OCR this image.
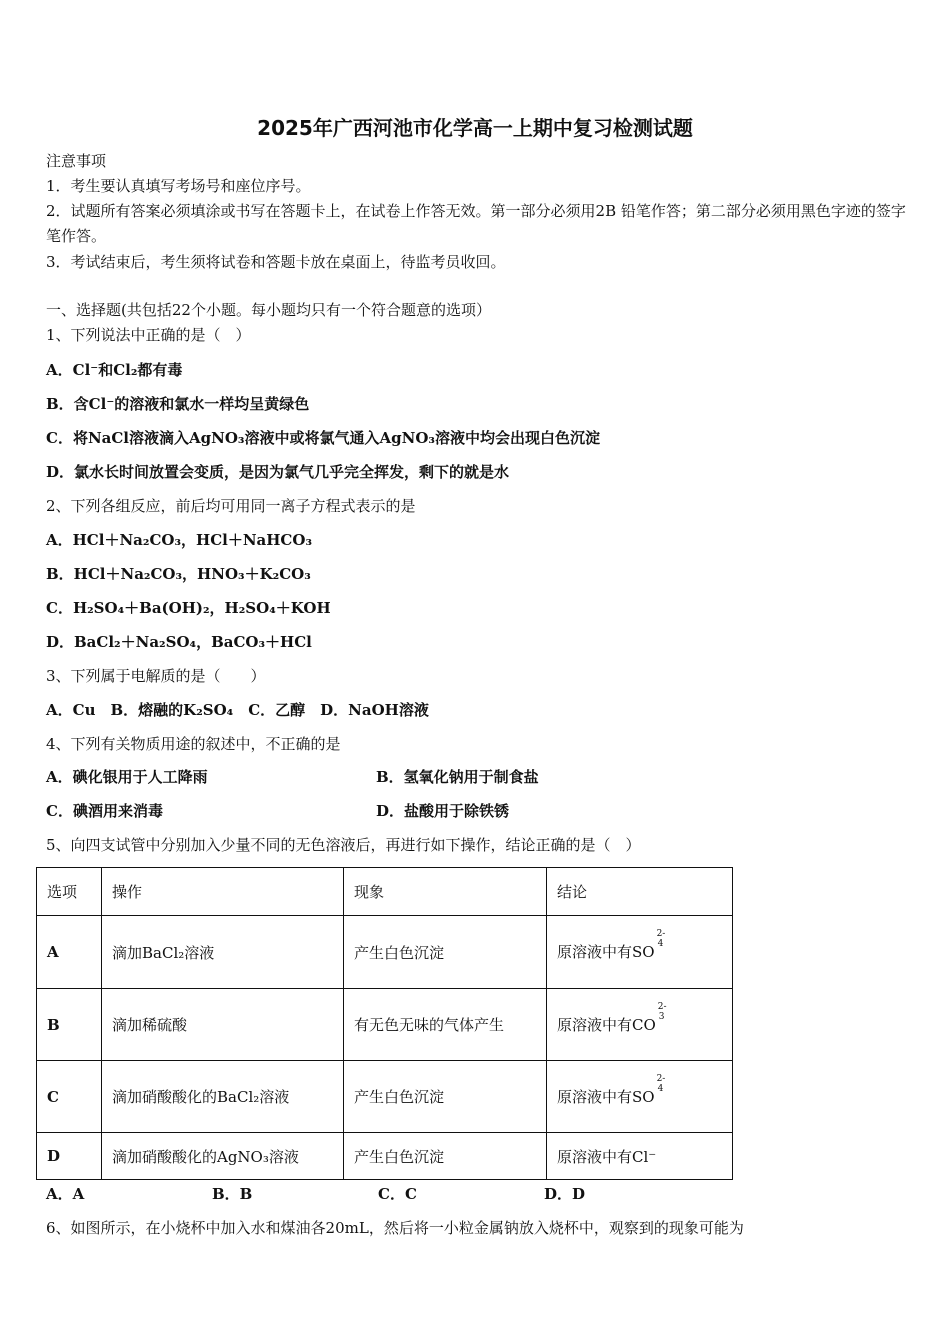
2025年广西河池市化学高一上期中复习检测试题
注意事项
1．考生要认真填写考场号和座位序号。
2．试题所有答案必须填涂或书写在答题卡上，在试卷上作答无效。第一部分必须用2B 铅笔作答；第二部分必须用黑色字迹的签字笔作答。
3．考试结束后，考生须将试卷和答题卡放在桌面上，待监考员收回。
一、选择题(共包括22个小题。每小题均只有一个符合题意的选项）
1、下列说法中正确的是（　）
A．Cl⁻和Cl₂都有毒
B．含Cl⁻的溶液和氯水一样均呈黄绿色
C．将NaCl溶液滴入AgNO₃溶液中或将氯气通入AgNO₃溶液中均会出现白色沉淀
D．氯水长时间放置会变质，是因为氯气几乎完全挥发，剩下的就是水
2、下列各组反应，前后均可用同一离子方程式表示的是
A．HCl＋Na₂CO₃，HCl＋NaHCO₃
B．HCl＋Na₂CO₃，HNO₃＋K₂CO₃
C．H₂SO₄＋Ba(OH)₂，H₂SO₄＋KOH
D．BaCl₂＋Na₂SO₄，BaCO₃＋HCl
3、下列属于电解质的是（　　）
A．Cu　B．熔融的K₂SO₄　C．乙醇　D．NaOH溶液
4、下列有关物质用途的叙述中，不正确的是
A．碘化银用于人工降雨	B．氢氧化钠用于制食盐
C．碘酒用来消毒	D．盐酸用于除铁锈
5、向四支试管中分别加入少量不同的无色溶液后，再进行如下操作，结论正确的是（　）
选项	操作	现象	结论
A	滴加BaCl₂溶液	产生白色沉淀	原溶液中有SO
2-
4

B	滴加稀硫酸	有无色无味的气体产生	原溶液中有CO
2-
3

C	滴加硝酸酸化的BaCl₂溶液	产生白色沉淀	原溶液中有SO
2-
4

D	滴加硝酸酸化的AgNO₃溶液	产生白色沉淀	原溶液中有Cl⁻
A．A	B．B	C．C	D．D
6、如图所示，在小烧杯中加入水和煤油各20mL，然后将一小粒金属钠放入烧杯中，观察到的现象可能为
